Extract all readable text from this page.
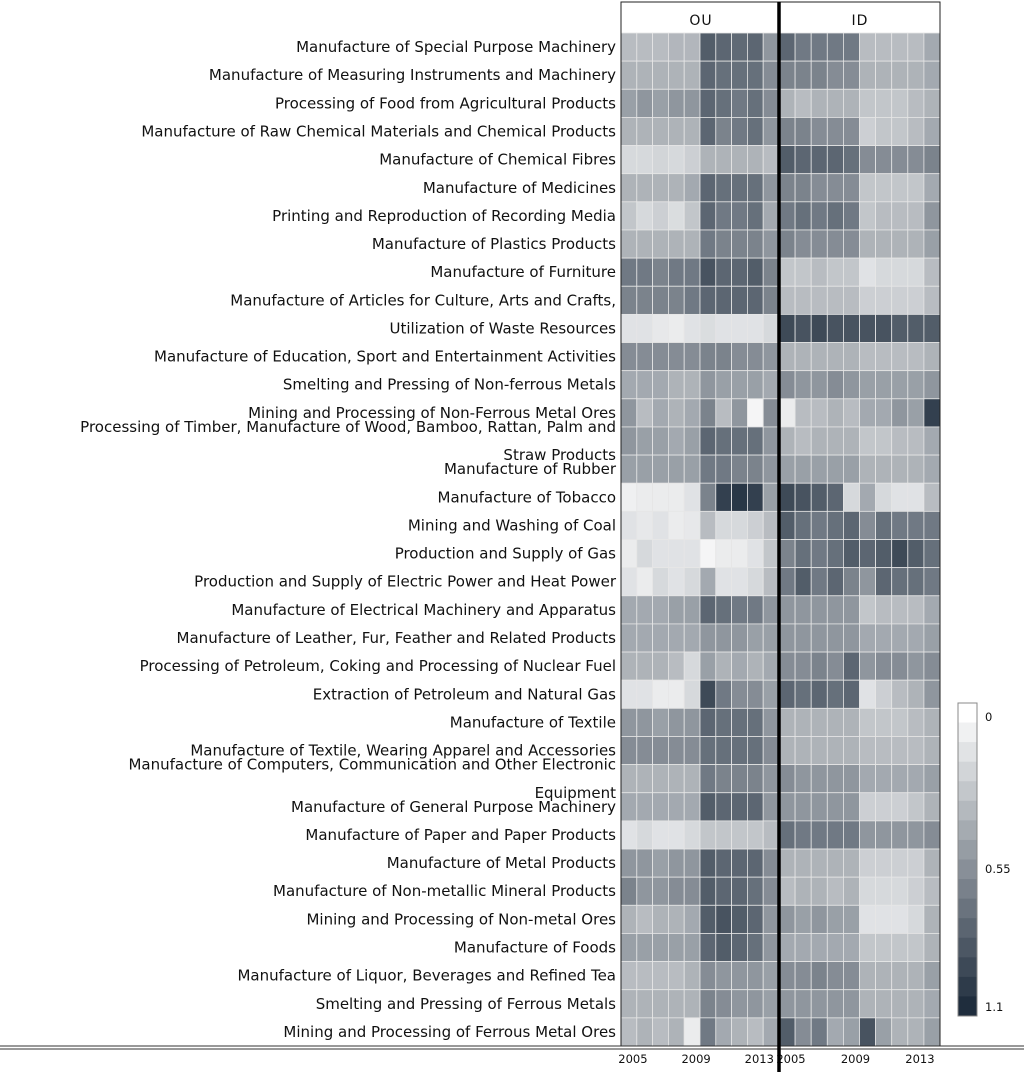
Manufacture of Special Purpose Machinery
Manufacture of Measuring Instruments and Machinery
Processing of Food from Agricultural Products
Manufacture of Raw Chemical Materials and Chemical Products
Manufacture of Chemical Fibres
Manufacture of Medicines
Printing and Reproduction of Recording Media
Manufacture of Plastics Products
Manufacture of Furniture
Manufacture of Articles for Culture, Arts and Crafts,
Utilization of Waste Resources
Manufacture of Education, Sport and Entertainment Activities
Smelting and Pressing of Non-ferrous Metals
Mining and Processing of Non-Ferrous Metal Ores
Processing of Timber, Manufacture of Wood, Bamboo, Rattan, Palm and
Straw Products
Manufacture of Rubber
Manufacture of Tobacco
Mining and Washing of Coal
Production and Supply of Gas
Production and Supply of Electric Power and Heat Power
Manufacture of Electrical Machinery and Apparatus
Manufacture of Leather, Fur, Feather and Related Products
Processing of Petroleum, Coking and Processing of Nuclear Fuel
Extraction of Petroleum and Natural Gas
Manufacture of Textile
Manufacture of Textile, Wearing Apparel and Accessories
Manufacture of Computers, Communication and Other Electronic
Equipment
Manufacture of General Purpose Machinery
Manufacture of Paper and Paper Products
Manufacture of Metal Products
Manufacture of Non-metallic Mineral Products
Mining and Processing of Non-metal Ores
Manufacture of Foods
Manufacture of Liquor, Beverages and Refined Tea
Smelting and Pressing of Ferrous Metals
Mining and Processing of Ferrous Metal Ores
2005	2009	2013 2005	2009	2013
OU	ID
0
0.55
1.1
